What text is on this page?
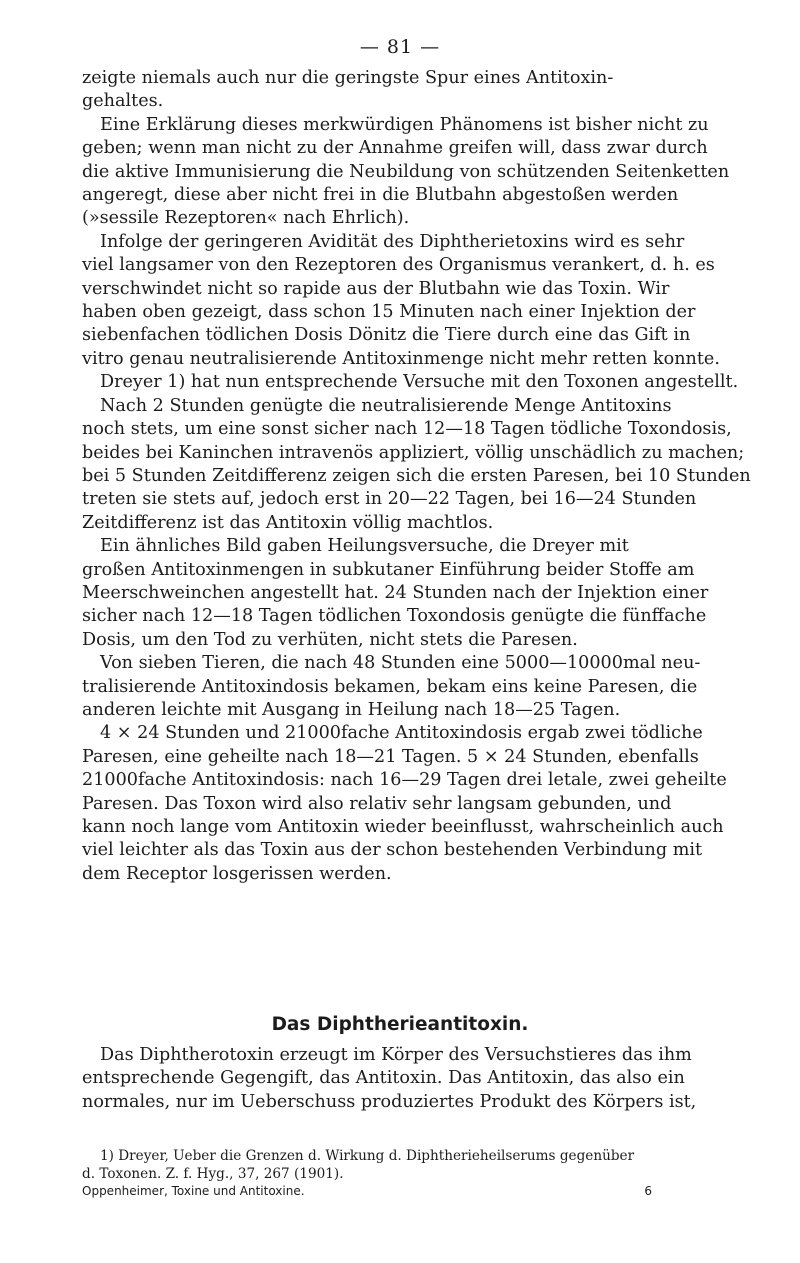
— 81 —
zeigte niemals auch nur die geringste Spur eines Antitoxin-
gehaltes.
Eine Erklärung dieses merkwürdigen Phänomens ist bisher nicht zu
geben; wenn man nicht zu der Annahme greifen will, dass zwar durch
die aktive Immunisierung die Neubildung von schützenden Seitenketten
angeregt, diese aber nicht frei in die Blutbahn abgestoßen werden
(»sessile Rezeptoren« nach Ehrlich).
Infolge der geringeren Avidität des Diphtherietoxins wird es sehr
viel langsamer von den Rezeptoren des Organismus verankert, d. h. es
verschwindet nicht so rapide aus der Blutbahn wie das Toxin. Wir
haben oben gezeigt, dass schon 15 Minuten nach einer Injektion der
siebenfachen tödlichen Dosis Dönitz die Tiere durch eine das Gift in
vitro genau neutralisierende Antitoxinmenge nicht mehr retten konnte.
Dreyer 1) hat nun entsprechende Versuche mit den Toxonen angestellt.
Nach 2 Stunden genügte die neutralisierende Menge Antitoxins
noch stets, um eine sonst sicher nach 12—18 Tagen tödliche Toxondosis,
beides bei Kaninchen intravenös appliziert, völlig unschädlich zu machen;
bei 5 Stunden Zeitdifferenz zeigen sich die ersten Paresen, bei 10 Stunden
treten sie stets auf, jedoch erst in 20—22 Tagen, bei 16—24 Stunden
Zeitdifferenz ist das Antitoxin völlig machtlos.
Ein ähnliches Bild gaben Heilungsversuche, die Dreyer mit
großen Antitoxinmengen in subkutaner Einführung beider Stoffe am
Meerschweinchen angestellt hat. 24 Stunden nach der Injektion einer
sicher nach 12—18 Tagen tödlichen Toxondosis genügte die fünffache
Dosis, um den Tod zu verhüten, nicht stets die Paresen.
Von sieben Tieren, die nach 48 Stunden eine 5000—10000mal neu-
tralisierende Antitoxindosis bekamen, bekam eins keine Paresen, die
anderen leichte mit Ausgang in Heilung nach 18—25 Tagen.
4 × 24 Stunden und 21000fache Antitoxindosis ergab zwei tödliche
Paresen, eine geheilte nach 18—21 Tagen. 5 × 24 Stunden, ebenfalls
21000fache Antitoxindosis: nach 16—29 Tagen drei letale, zwei geheilte
Paresen. Das Toxon wird also relativ sehr langsam gebunden, und
kann noch lange vom Antitoxin wieder beeinflusst, wahrscheinlich auch
viel leichter als das Toxin aus der schon bestehenden Verbindung mit
dem Receptor losgerissen werden.
Das Diphtherieantitoxin.
Das Diphtherotoxin erzeugt im Körper des Versuchstieres das ihm
entsprechende Gegengift, das Antitoxin. Das Antitoxin, das also ein
normales, nur im Ueberschuss produziertes Produkt des Körpers ist,
1) Dreyer, Ueber die Grenzen d. Wirkung d. Diphtherieheilserums gegenüber
d. Toxonen. Z. f. Hyg., 37, 267 (1901).
Oppenheimer, Toxine und Antitoxine.	6
